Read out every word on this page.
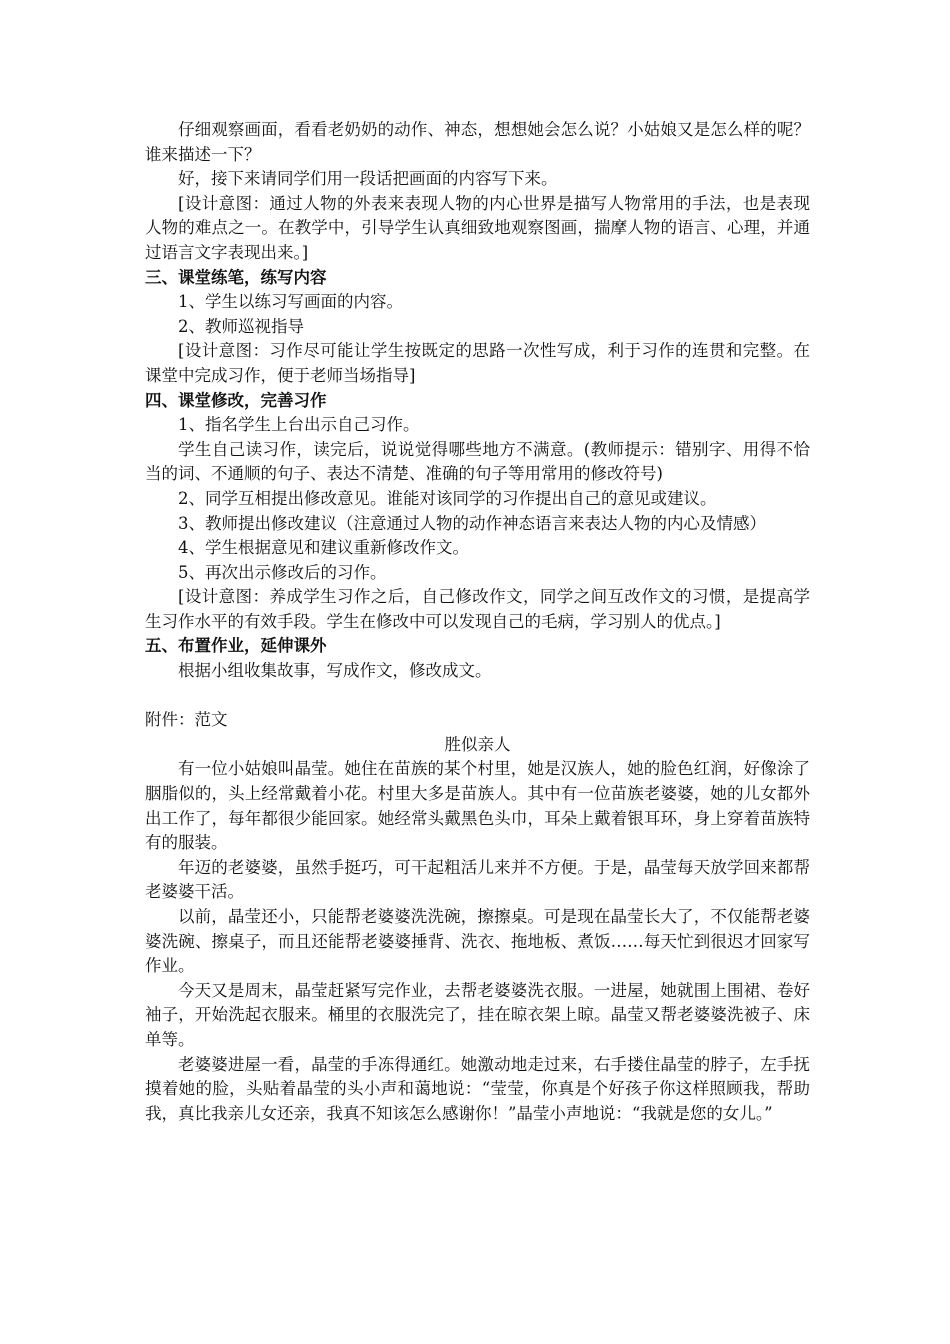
仔细观察画面，看看老奶奶的动作、神态，想想她会怎么说？小姑娘又是怎么样的呢？谁来描述一下？

好，接下来请同学们用一段话把画面的内容写下来。

[设计意图：通过人物的外表来表现人物的内心世界是描写人物常用的手法，也是表现人物的难点之一。在教学中，引导学生认真细致地观察图画，揣摩人物的语言、心理，并通过语言文字表现出来。]

三、课堂练笔，练写内容

1、学生以练习写画面的内容。

2、教师巡视指导

[设计意图：习作尽可能让学生按既定的思路一次性写成，利于习作的连贯和完整。在课堂中完成习作，便于老师当场指导]

四、课堂修改，完善习作

1、指名学生上台出示自己习作。

学生自己读习作，读完后，说说觉得哪些地方不满意。(教师提示：错别字、用得不恰当的词、不通顺的句子、表达不清楚、准确的句子等用常用的修改符号)

2、同学互相提出修改意见。谁能对该同学的习作提出自己的意见或建议。

3、教师提出修改建议（注意通过人物的动作神态语言来表达人物的内心及情感）

4、学生根据意见和建议重新修改作文。

5、再次出示修改后的习作。

[设计意图：养成学生习作之后，自己修改作文，同学之间互改作文的习惯，是提高学生习作水平的有效手段。学生在修改中可以发现自己的毛病，学习别人的优点。]

五、布置作业，延伸课外

根据小组收集故事，写成作文，修改成文。

附件：范文

胜似亲人

有一位小姑娘叫晶莹。她住在苗族的某个村里，她是汉族人，她的脸色红润，好像涂了胭脂似的，头上经常戴着小花。村里大多是苗族人。其中有一位苗族老婆婆，她的儿女都外出工作了，每年都很少能回家。她经常头戴黑色头巾，耳朵上戴着银耳环，身上穿着苗族特有的服装。

年迈的老婆婆，虽然手挺巧，可干起粗活儿来并不方便。于是，晶莹每天放学回来都帮老婆婆干活。

以前，晶莹还小，只能帮老婆婆洗洗碗，擦擦桌。可是现在晶莹长大了，不仅能帮老婆婆洗碗、擦桌子，而且还能帮老婆婆捶背、洗衣、拖地板、煮饭……每天忙到很迟才回家写作业。

今天又是周末，晶莹赶紧写完作业，去帮老婆婆洗衣服。一进屋，她就围上围裙、卷好袖子，开始洗起衣服来。桶里的衣服洗完了，挂在晾衣架上晾。晶莹又帮老婆婆洗被子、床单等。

老婆婆进屋一看，晶莹的手冻得通红。她激动地走过来，右手搂住晶莹的脖子，左手抚摸着她的脸，头贴着晶莹的头小声和蔼地说：“莹莹，你真是个好孩子你这样照顾我，帮助我，真比我亲儿女还亲，我真不知该怎么感谢你！”晶莹小声地说：“我就是您的女儿。”
